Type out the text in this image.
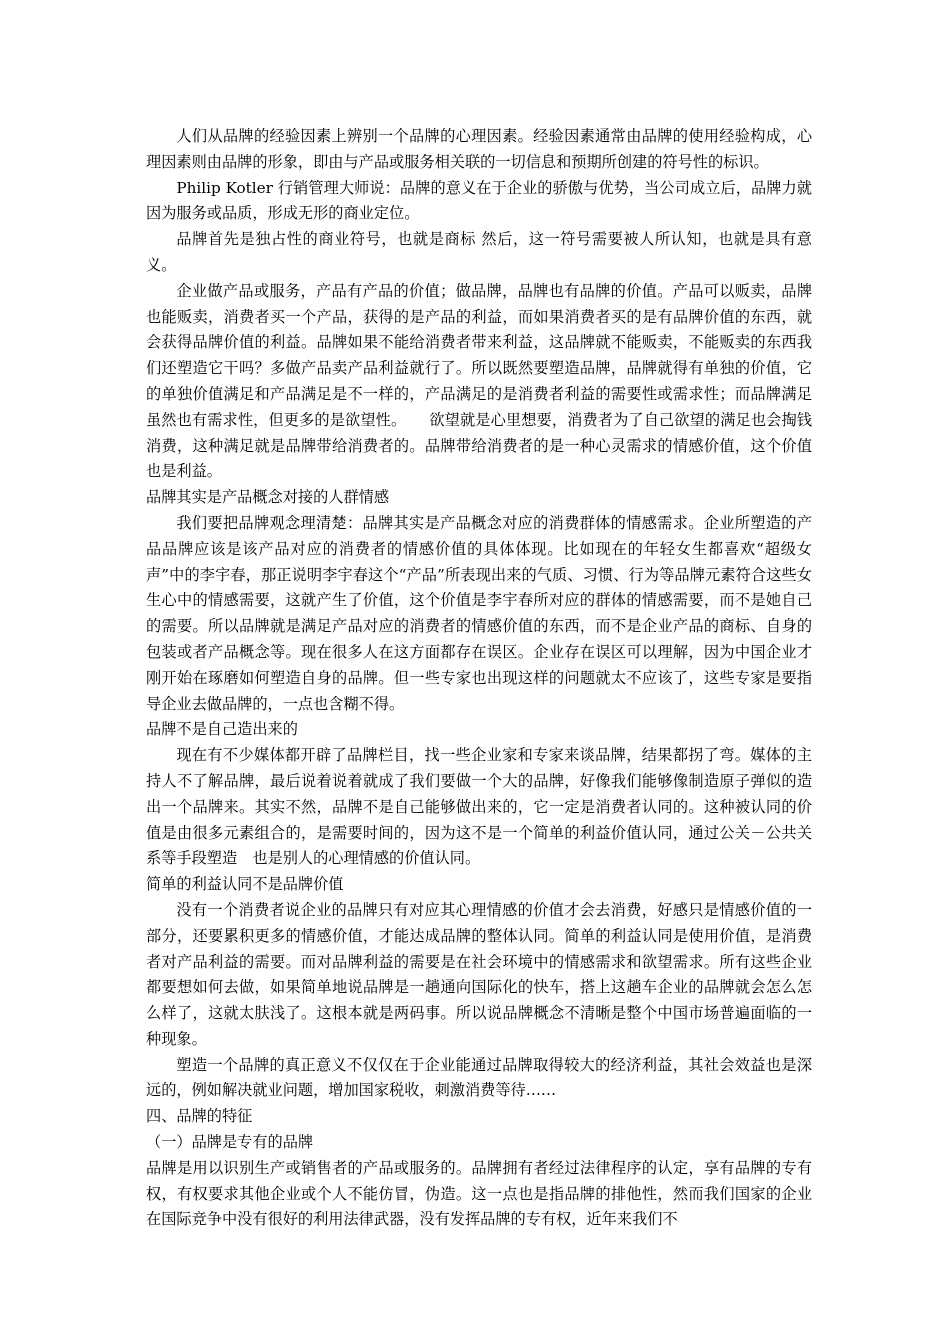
人们从品牌的经验因素上辨别一个品牌的心理因素。经验因素通常由品牌的使用经验构成，心理因素则由品牌的形象，即由与产品或服务相关联的一切信息和预期所创建的符号性的标识。

Philip Kotler 行销管理大师说：品牌的意义在于企业的骄傲与优势，当公司成立后，品牌力就因为服务或品质，形成无形的商业定位。

品牌首先是独占性的商业符号，也就是商标 然后，这一符号需要被人所认知，也就是具有意义。

企业做产品或服务，产品有产品的价值；做品牌，品牌也有品牌的价值。产品可以贩卖，品牌也能贩卖，消费者买一个产品，获得的是产品的利益，而如果消费者买的是有品牌价值的东西，就会获得品牌价值的利益。品牌如果不能给消费者带来利益，这品牌就不能贩卖，不能贩卖的东西我们还塑造它干吗？多做产品卖产品利益就行了。所以既然要塑造品牌，品牌就得有单独的价值，它的单独价值满足和产品满足是不一样的，产品满足的是消费者利益的需要性或需求性；而品牌满足虽然也有需求性，但更多的是欲望性。　　欲望就是心里想要，消费者为了自己欲望的满足也会掏钱消费，这种满足就是品牌带给消费者的。品牌带给消费者的是一种心灵需求的情感价值，这个价值也是利益。

品牌其实是产品概念对接的人群情感

我们要把品牌观念理清楚：品牌其实是产品概念对应的消费群体的情感需求。企业所塑造的产品品牌应该是该产品对应的消费者的情感价值的具体体现。比如现在的年轻女生都喜欢“超级女声”中的李宇春，那正说明李宇春这个“产品”所表现出来的气质、习惯、行为等品牌元素符合这些女生心中的情感需要，这就产生了价值，这个价值是李宇春所对应的群体的情感需要，而不是她自己的需要。所以品牌就是满足产品对应的消费者的情感价值的东西，而不是企业产品的商标、自身的包装或者产品概念等。现在很多人在这方面都存在误区。企业存在误区可以理解，因为中国企业才刚开始在琢磨如何塑造自身的品牌。但一些专家也出现这样的问题就太不应该了，这些专家是要指导企业去做品牌的，一点也含糊不得。

品牌不是自己造出来的

现在有不少媒体都开辟了品牌栏目，找一些企业家和专家来谈品牌，结果都拐了弯。媒体的主持人不了解品牌，最后说着说着就成了我们要做一个大的品牌，好像我们能够像制造原子弹似的造出一个品牌来。其实不然，品牌不是自己能够做出来的，它一定是消费者认同的。这种被认同的价值是由很多元素组合的，是需要时间的，因为这不是一个简单的利益价值认同，通过公关－公共关系等手段塑造　也是别人的心理情感的价值认同。

简单的利益认同不是品牌价值

没有一个消费者说企业的品牌只有对应其心理情感的价值才会去消费，好感只是情感价值的一部分，还要累积更多的情感价值，才能达成品牌的整体认同。简单的利益认同是使用价值，是消费者对产品利益的需要。而对品牌利益的需要是在社会环境中的情感需求和欲望需求。所有这些企业都要想如何去做，如果简单地说品牌是一趟通向国际化的快车，搭上这趟车企业的品牌就会怎么怎么样了，这就太肤浅了。这根本就是两码事。所以说品牌概念不清晰是整个中国市场普遍面临的一种现象。

塑造一个品牌的真正意义不仅仅在于企业能通过品牌取得较大的经济利益，其社会效益也是深远的，例如解决就业问题，增加国家税收，刺激消费等待……

四、品牌的特征

（一）品牌是专有的品牌

品牌是用以识别生产或销售者的产品或服务的。品牌拥有者经过法律程序的认定，享有品牌的专有权，有权要求其他企业或个人不能仿冒，伪造。这一点也是指品牌的排他性，然而我们国家的企业在国际竞争中没有很好的利用法律武器，没有发挥品牌的专有权，近年来我们不
